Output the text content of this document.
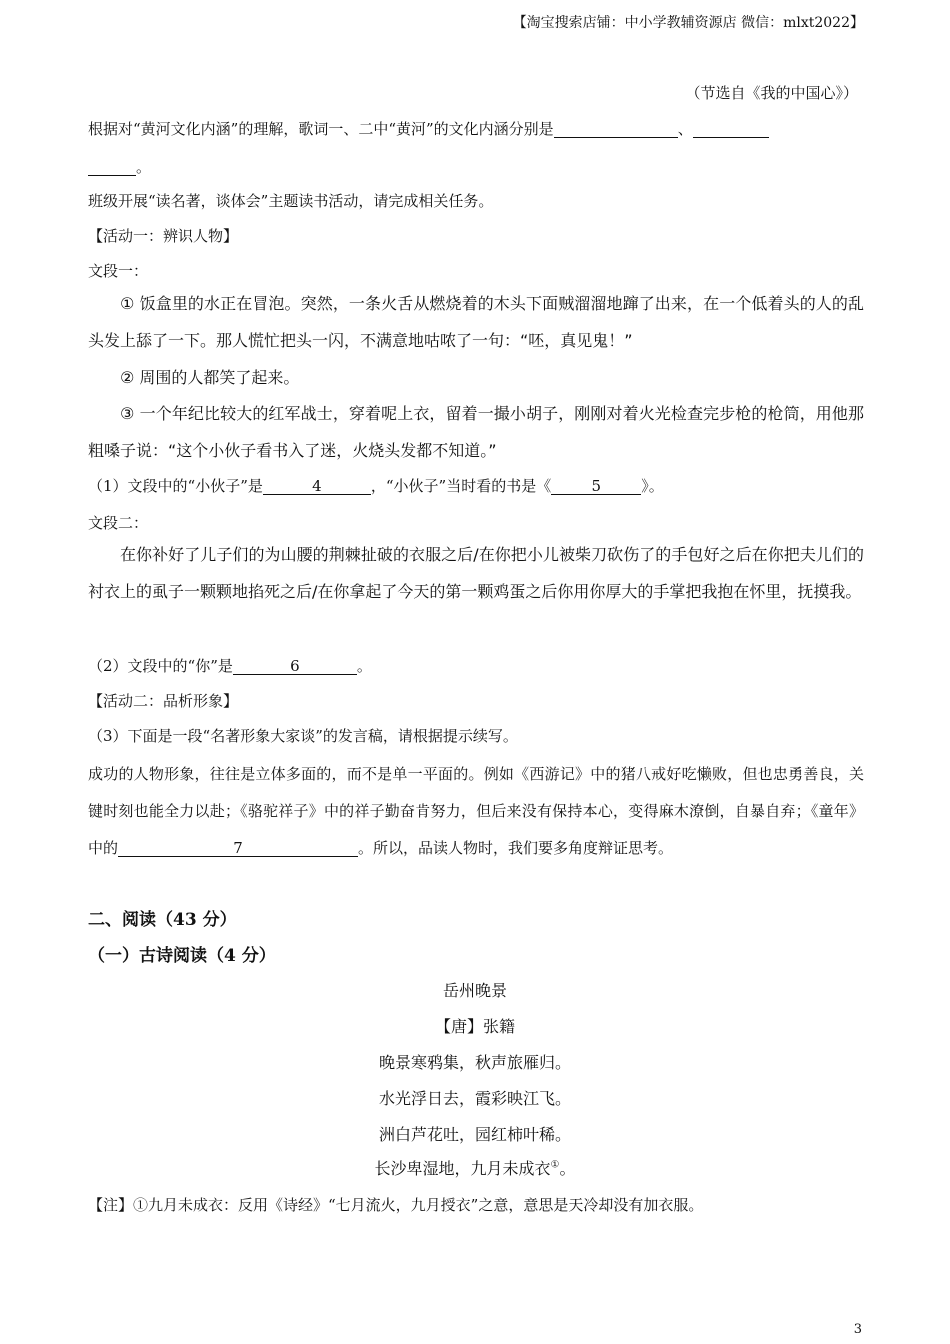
【淘宝搜索店铺：中小学教辅资源店 微信：mlxt2022】
（节选自《我的中国心》）
根据对“黄河文化内涵”的理解，歌词一、二中“黄河”的文化内涵分别是	、
。
班级开展“读名著，谈体会”主题读书活动，请完成相关任务。
【活动一：辨识人物】
文段一：
① 饭盒里的水正在冒泡。突然，一条火舌从燃烧着的木头下面贼溜溜地蹿了出来，在一个低着头的人的乱头发上舔了一下。那人慌忙把头一闪，不满意地咕哝了一句：“呸，真见鬼！”
② 周围的人都笑了起来。
③ 一个年纪比较大的红军战士，穿着呢上衣，留着一撮小胡子，刚刚对着火光检查完步枪的枪筒，用他那粗嗓子说：“这个小伙子看书入了迷，火烧头发都不知道。”
（1）文段中的“小伙子”是	4	，“小伙子”当时看的书是《	5	》。
文段二：
在你补好了儿子们的为山腰的荆棘扯破的衣服之后/在你把小儿被柴刀砍伤了的手包好之后在你把夫儿们的衬衣上的虱子一颗颗地掐死之后/在你拿起了今天的第一颗鸡蛋之后你用你厚大的手掌把我抱在怀里，抚摸我。
（2）文段中的“你”是	6	。
【活动二：品析形象】
（3）下面是一段“名著形象大家谈”的发言稿，请根据提示续写。
成功的人物形象，往往是立体多面的，而不是单一平面的。例如《西游记》中的猪八戒好吃懒败，但也忠勇善良，关键时刻也能全力以赴；《骆驼祥子》中的祥子勤奋肯努力，但后来没有保持本心，变得麻木潦倒，自暴自弃；《童年》中的	7	。所以，品读人物时，我们要多角度辩证思考。
二、阅读（43 分）
（一）古诗阅读（4 分）
岳州晚景
【唐】张籍
晚景寒鸦集，秋声旅雁归。
水光浮日去，霞彩映江飞。
洲白芦花吐，园红柿叶稀。
长沙卑湿地，九月未成衣①。
【注】①九月未成衣：反用《诗经》“七月流火，九月授衣”之意，意思是天冷却没有加衣服。
3
